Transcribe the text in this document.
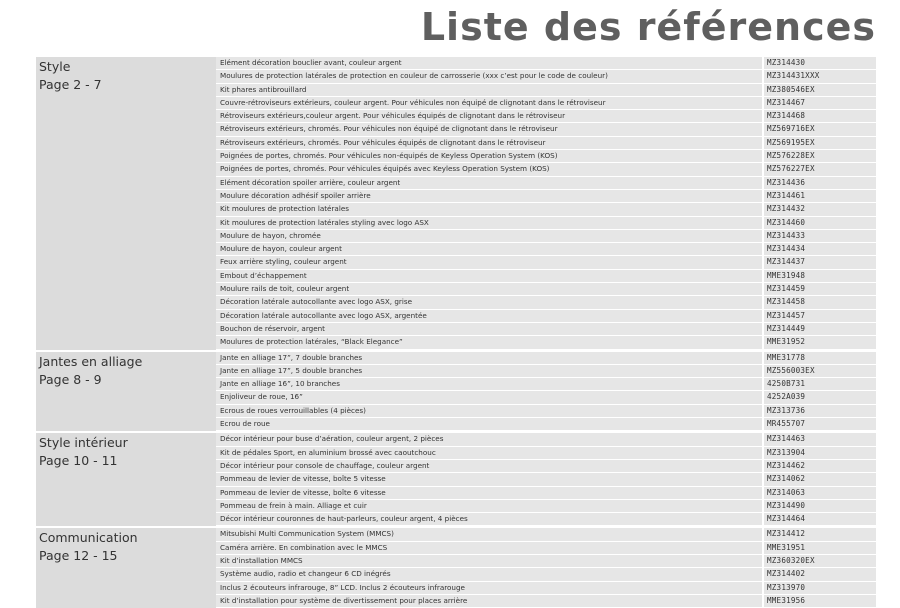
Liste des références
Style
Page 2 - 7
Elément décoration bouclier avant, couleur argent	MZ314430
Moulures de protection latérales de protection en couleur de carrosserie (xxx c’est pour le code de couleur)	MZ314431XXX
Kit phares antibrouillard	MZ380546EX
Couvre-rétroviseurs extérieurs, couleur argent. Pour véhicules non équipé de clignotant dans le rétroviseur	MZ314467
Rétroviseurs extérieurs,couleur argent. Pour véhicules équipés de clignotant dans le rétroviseur	MZ314468
Rétroviseurs extérieurs, chromés. Pour véhicules non équipé de clignotant dans le rétroviseur	MZ569716EX
Rétroviseurs extérieurs, chromés. Pour véhicules équipés de clignotant dans le rétroviseur	MZ569195EX
Poignées de portes, chromés. Pour véhicules non-équipés de Keyless Operation System (KOS)	MZ576228EX
Poignées de portes, chromés. Pour véhicules équipés avec Keyless Operation System (KOS)	MZ576227EX
Elément décoration spoiler arrière, couleur argent	MZ314436
Moulure décoration adhésif spoiler arrière	MZ314461
Kit moulures de protection latérales	MZ314432
Kit moulures de protection latérales styling avec logo ASX	MZ314460
Moulure de hayon, chromée	MZ314433
Moulure de hayon, couleur argent	MZ314434
Feux arrière styling, couleur argent	MZ314437
Embout d’échappement	MME31948
Moulure rails de toit, couleur argent	MZ314459
Décoration latérale autocollante avec logo ASX, grise	MZ314458
Décoration latérale autocollante avec logo ASX, argentée	MZ314457
Bouchon de réservoir, argent	MZ314449
Moulures de protection latérales, “Black Elegance”	MME31952
Jantes en alliage
Page 8 - 9
Jante en alliage 17”, 7 double branches	MME31778
Jante en alliage 17”, 5 double branches	MZ556003EX
Jante en alliage 16”, 10 branches	4250B731
Enjoliveur de roue, 16”	4252A039
Ecrous de roues verrouillables (4 pièces)	MZ313736
Ecrou de roue	MR455707
Style intérieur
Page 10 - 11
Décor intérieur pour buse d’aération, couleur argent, 2 pièces	MZ314463
Kit de pédales Sport, en aluminium brossé avec caoutchouc	MZ313904
Décor intérieur pour console de chauffage, couleur argent	MZ314462
Pommeau de levier de vitesse, boîte 5 vitesse	MZ314062
Pommeau de levier de vitesse, boîte 6 vitesse	MZ314063
Pommeau de frein à main. Alliage et cuir	MZ314490
Décor intérieur couronnes de haut-parleurs, couleur argent, 4 pièces	MZ314464
Communication
Page 12 - 15
Mitsubishi Multi Communication System (MMCS)	MZ314412
Caméra arrière. En combination avec le MMCS	MME31951
Kit d’installation MMCS	MZ360320EX
Système audio, radio et changeur 6 CD inégrés	MZ314402
Inclus 2 écouteurs infrarouge, 8” LCD. Inclus 2 écouteurs infrarouge	MZ313970
Kit d’installation pour système de divertissement pour places arrière	MME31956
